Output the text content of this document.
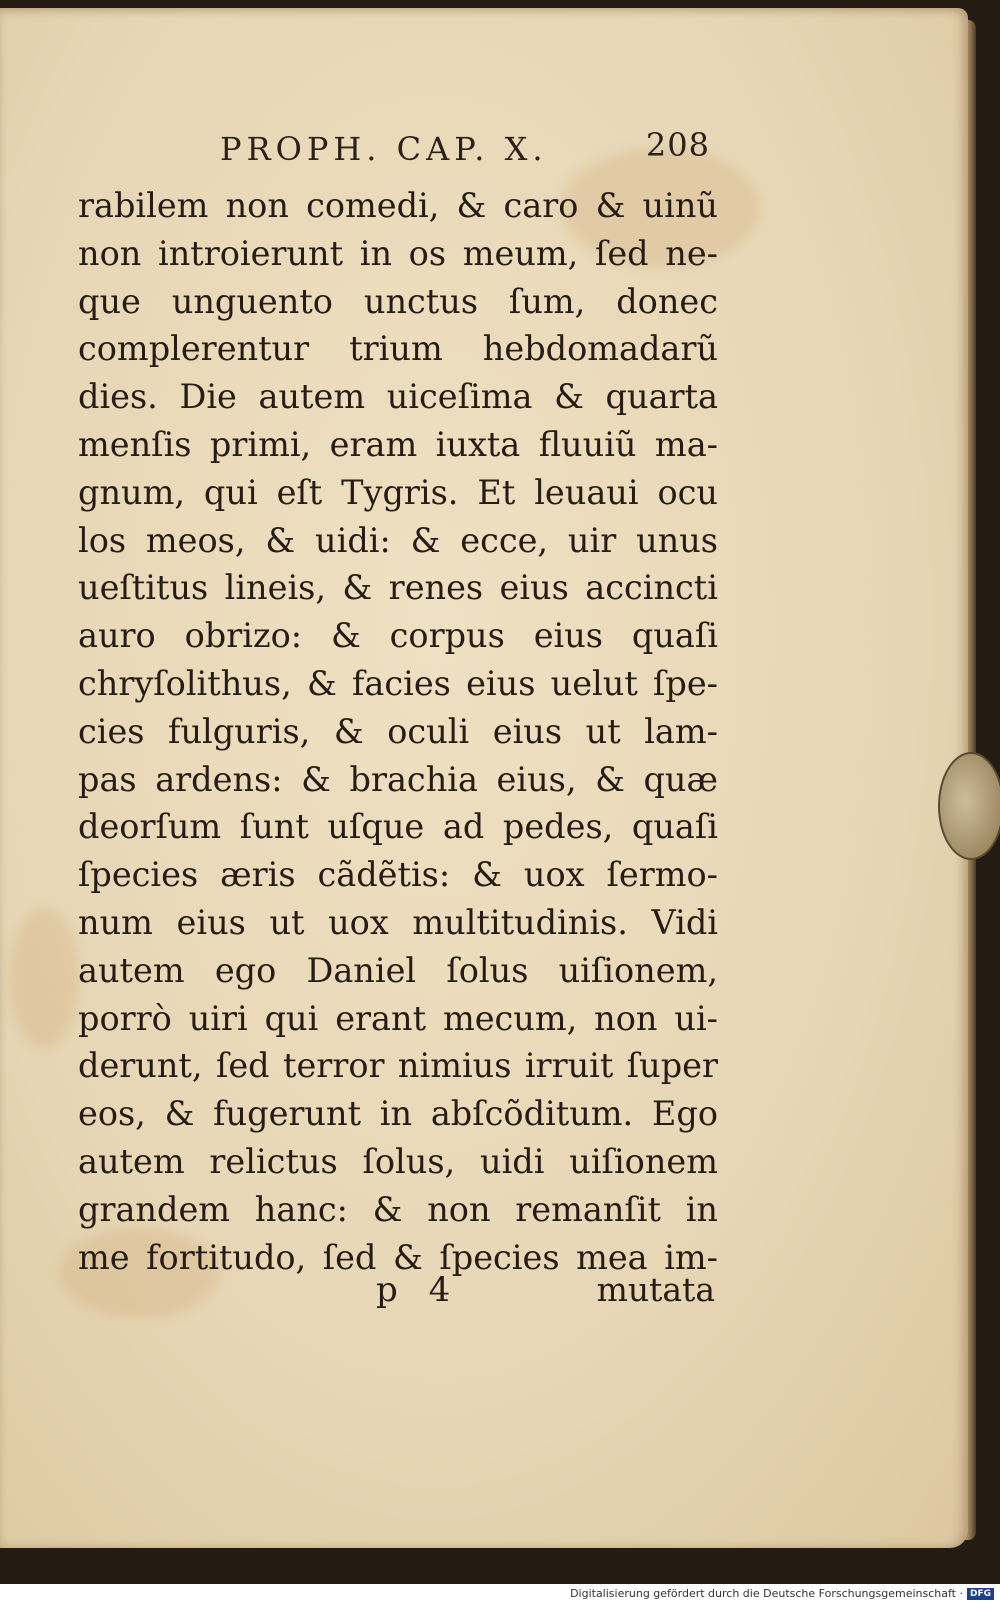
PROPH. CAP. X.	208
rabilem non comedi, & caro & uinũ
non introierunt in os meum, ſed ne-
que unguento unctus ſum, donec
complerentur trium hebdomadarũ
dies. Die autem uiceſima & quarta
menſis primi, eram iuxta fluuiũ ma-
gnum, qui eſt Tygris. Et leuaui ocu
los meos, & uidi: & ecce, uir unus
ueſtitus lineis, & renes eius accincti
auro obrizo: & corpus eius quaſi
chryſolithus, & facies eius uelut ſpe-
cies fulguris, & oculi eius ut lam-
pas ardens: & brachia eius, & quæ
deorſum ſunt uſque ad pedes, quaſi
ſpecies æris cãdẽtis: & uox ſermo-
num eius ut uox multitudinis. Vidi
autem ego Daniel ſolus uiſionem,
porrò uiri qui erant mecum, non ui-
derunt, ſed terror nimius irruit ſuper
eos, & fugerunt in abſcõditum. Ego
autem relictus ſolus, uidi uiſionem
grandem hanc: & non remanſit in
me fortitudo, ſed & ſpecies mea im-
p 4	mutata
Digitalisierung gefördert durch die Deutsche Forschungsgemeinschaft · DFG
